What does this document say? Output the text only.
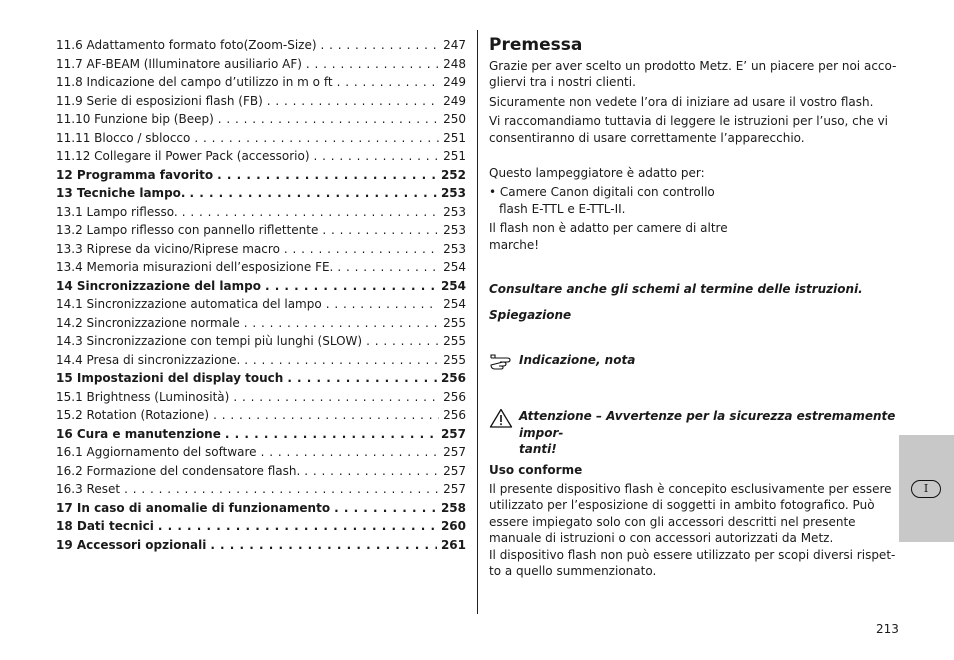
11.6 Adattamento formato foto(Zoom-Size) . . .	247
11.7 AF-BEAM (Illuminatore ausiliario AF) . . .	248
11.8 Indicazione del campo d’utilizzo in m o ft . . .	249
11.9 Serie di esposizioni flash (FB) . . .	249
11.10 Funzione bip (Beep) . . .	250
11.11 Blocco / sblocco . . .	251
11.12 Collegare il Power Pack (accessorio) . . .	251
12 Programma favorito . . .	252
13 Tecniche lampo. . . .	253
13.1 Lampo riflesso. . . .	253
13.2 Lampo riflesso con pannello riflettente . . .	253
13.3 Riprese da vicino/Riprese macro . . .	253
13.4 Memoria misurazioni dell’esposizione FE. . . .	254
14 Sincronizzazione del lampo . . .	254
14.1 Sincronizzazione automatica del lampo . . .	254
14.2 Sincronizzazione normale . . .	255
14.3 Sincronizzazione con tempi più lunghi (SLOW) . . .	255
14.4 Presa di sincronizzazione. . . .	255
15 Impostazioni del display touch . . .	256
15.1 Brightness (Luminosità) . . .	256
15.2 Rotation (Rotazione) . . .	256
16 Cura e manutenzione . . .	257
16.1 Aggiornamento del software . . .	257
16.2 Formazione del condensatore flash. . . .	257
16.3 Reset . . .	257
17 In caso di anomalie di funzionamento . . .	258
18 Dati tecnici . . .	260
19 Accessori opzionali . . .	261
Premessa

Grazie per aver scelto un prodotto Metz. E’ un piacere per noi acco-

gliervi tra i nostri clienti.

Sicuramente non vedete l’ora di iniziare ad usare il vostro flash.

Vi raccomandiamo tuttavia di leggere le istruzioni per l’uso, che vi

consentiranno di usare correttamente l’apparecchio.

Questo lampeggiatore è adatto per:

• Camere Canon digitali con controllo

flash E-TTL e E-TTL-II.

Il flash non è adatto per camere di altre

marche!

Consultare anche gli schemi al termine delle istruzioni.

Spiegazione

Indicazione, nota

Attenzione – Avvertenze per la sicurezza estremamente impor-

tanti!

Uso conforme

Il presente dispositivo flash è concepito esclusivamente per essere

utilizzato per l’esposizione di soggetti in ambito fotografico. Può

essere impiegato solo con gli accessori descritti nel presente

manuale di istruzioni o con accessori autorizzati da Metz.

Il dispositivo flash non può essere utilizzato per scopi diversi rispet-

to a quello summenzionato.

I
213
